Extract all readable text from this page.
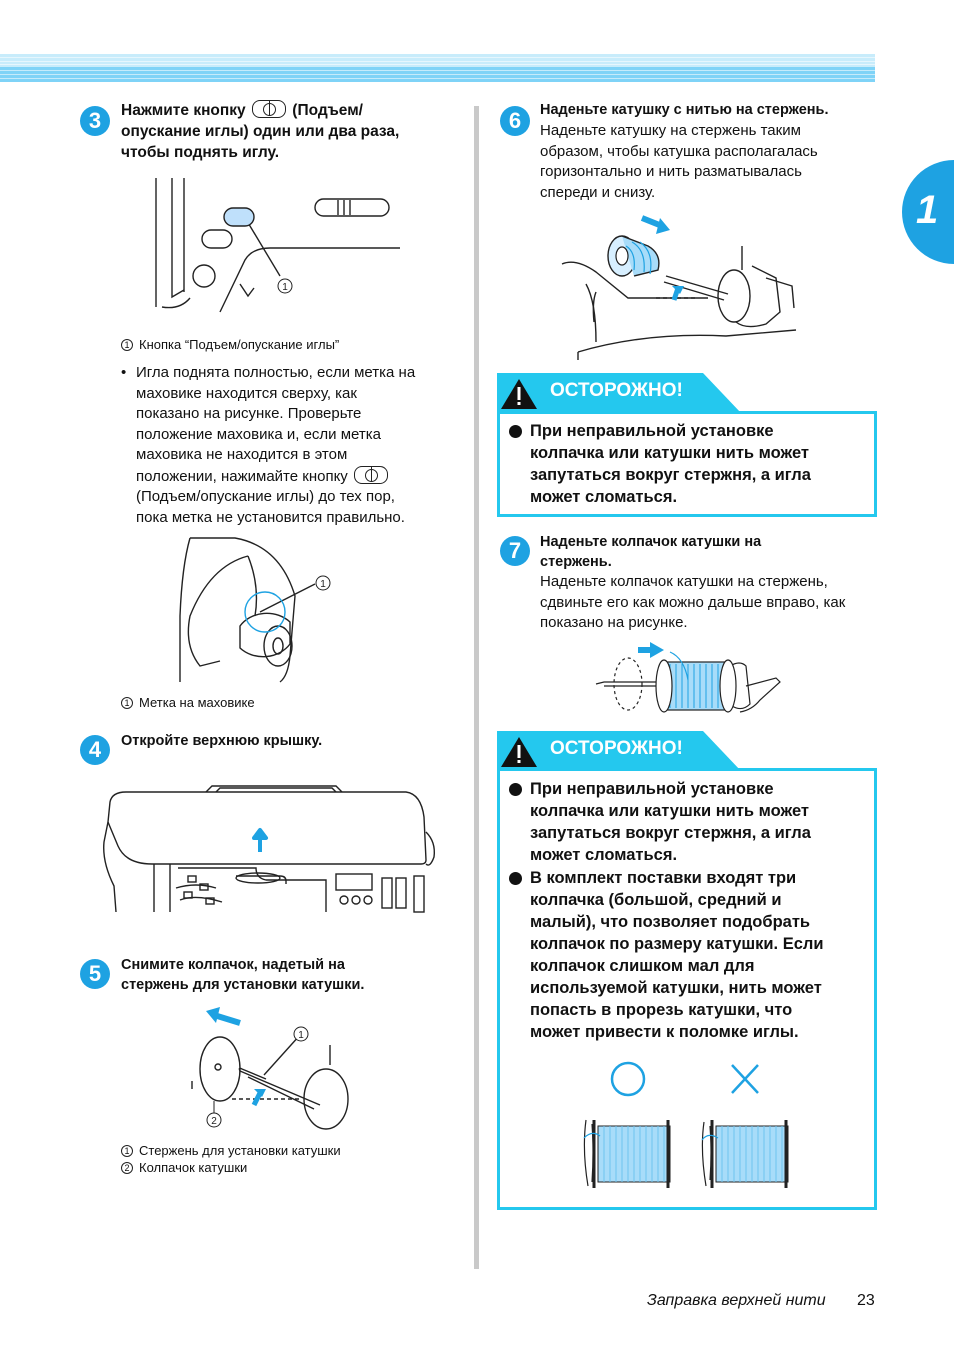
1
3	Нажмите кнопку	(Подъем/
опускание иглы) один или два раза,
чтобы поднять иглу.
1
1 Кнопка “Подъем/опускание иглы”
• Игла поднята полностью, если метка на
маховике находится сверху, как
показано на рисунке. Проверьте
положение маховика и, если метка
маховика не находится в этом
положении, нажимайте кнопку
(Подъем/опускание иглы) до тех пор,
пока метка не установится правильно.
1
1 Метка на маховике
4	Откройте верхнюю крышку.
5	Снимите колпачок, надетый на
стержень для установки катушки.
1
2
1 Стержень для установки катушки
2 Колпачок катушки
6	Наденьте катушку с нитью на стержень.
Наденьте катушку на стержень таким
образом, чтобы катушка располагалась
горизонтально и нить разматывалась
спереди и снизу.
ОСТОРОЖНО!
При неправильной установке
колпачка или катушки нить может
запутаться вокруг стержня, а игла
может сломаться.
7	Наденьте колпачок катушки на
стержень.
Наденьте колпачок катушки на стержень,
сдвиньте его как можно дальше вправо, как
показано на рисунке.
ОСТОРОЖНО!
При неправильной установке
колпачка или катушки нить может
запутаться вокруг стержня, а игла
может сломаться.
В комплект поставки входят три
колпачка (большой, средний и
малый), что позволяет подобрать
колпачок по размеру катушки. Если
колпачок слишком мал для
используемой катушки, нить может
попасть в прорезь катушки, что
может привести к поломке иглы.
Заправка верхней нити 23
